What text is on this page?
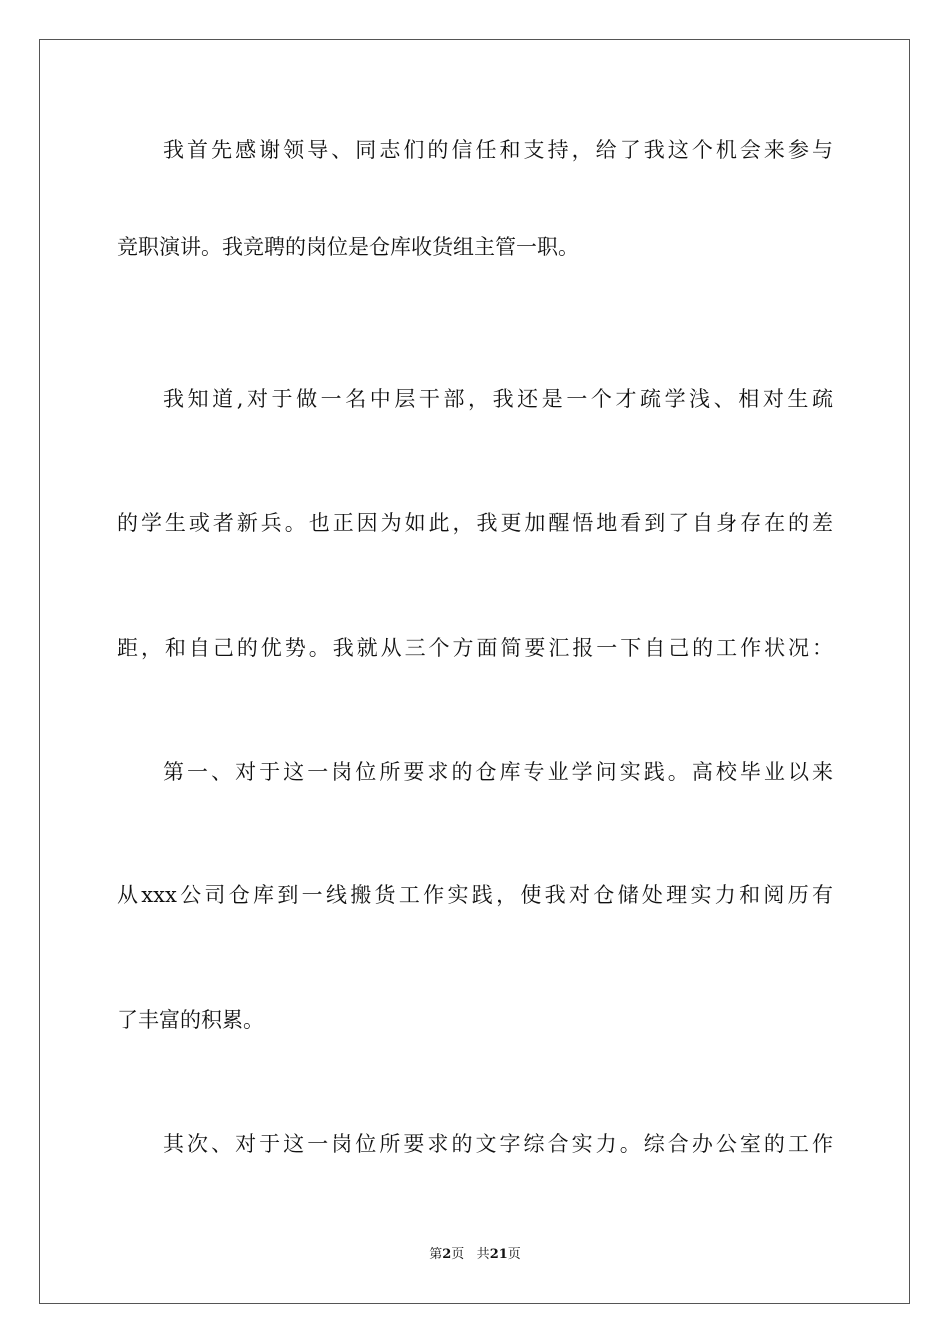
我首先感谢领导、同志们的信任和支持，给了我这个机会来参与
竞职演讲。我竞聘的岗位是仓库收货组主管一职。
我知道,对于做一名中层干部，我还是一个才疏学浅、相对生疏
的学生或者新兵。也正因为如此，我更加醒悟地看到了自身存在的差
距，和自己的优势。我就从三个方面简要汇报一下自己的工作状况：
第一、对于这一岗位所要求的仓库专业学问实践。高校毕业以来
从xxx公司仓库到一线搬货工作实践，使我对仓储处理实力和阅历有
了丰富的积累。
其次、对于这一岗位所要求的文字综合实力。综合办公室的工作
第2页 共21页
